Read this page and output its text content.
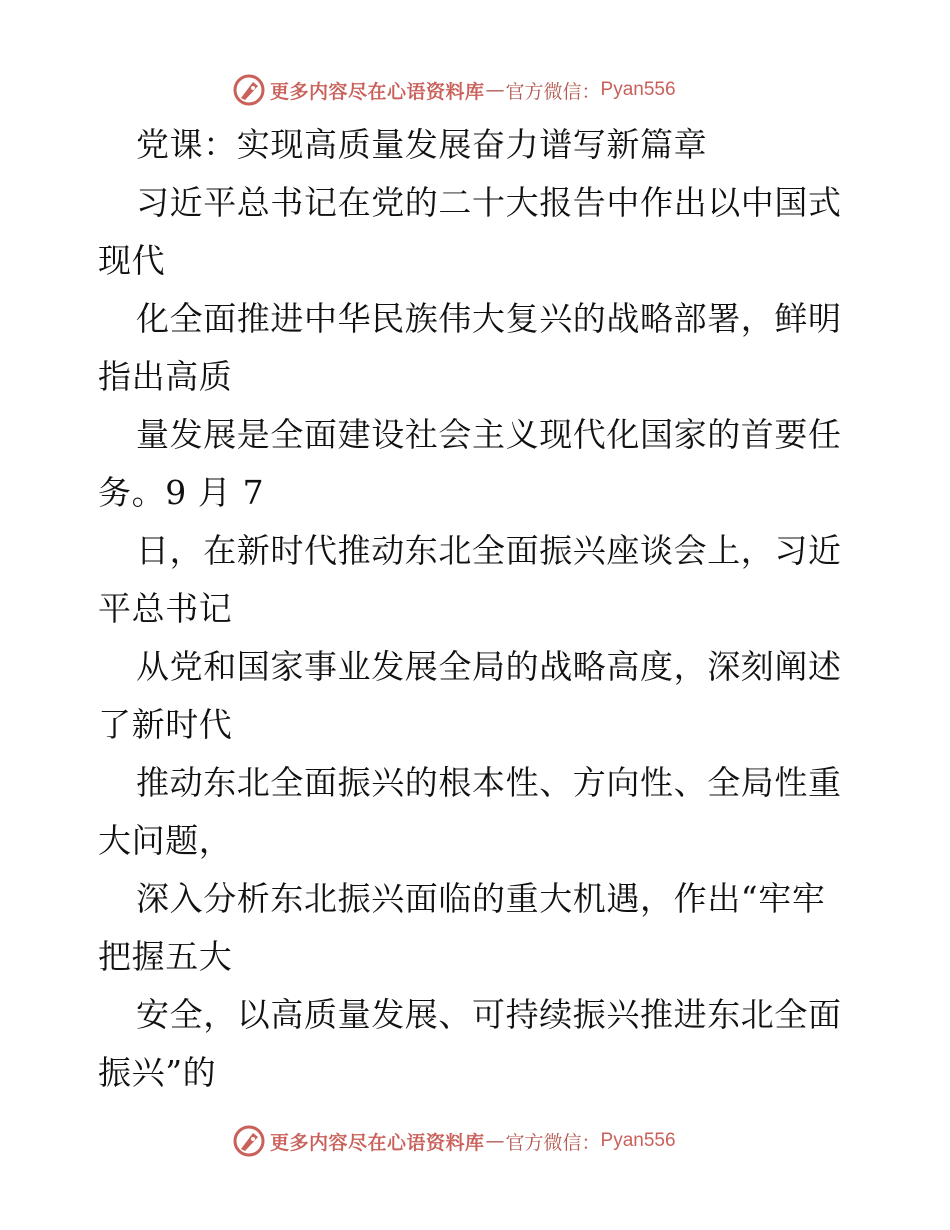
更多内容尽在心语资料库 — 官方微信： Pyan556
党课：实现高质量发展奋力谱写新篇章
习近平总书记在党的二十大报告中作出以中国式
现代
化全面推进中华民族伟大复兴的战略部署，鲜明
指出高质
量发展是全面建设社会主义现代化国家的首要任
务。9 月 7
日，在新时代推动东北全面振兴座谈会上，习近
平总书记
从党和国家事业发展全局的战略高度，深刻阐述
了新时代
推动东北全面振兴的根本性、方向性、全局性重
大问题，
深入分析东北振兴面临的重大机遇，作出“牢牢
把握五大
安全，以高质量发展、可持续振兴推进东北全面
振兴”的
更多内容尽在心语资料库 — 官方微信： Pyan556
